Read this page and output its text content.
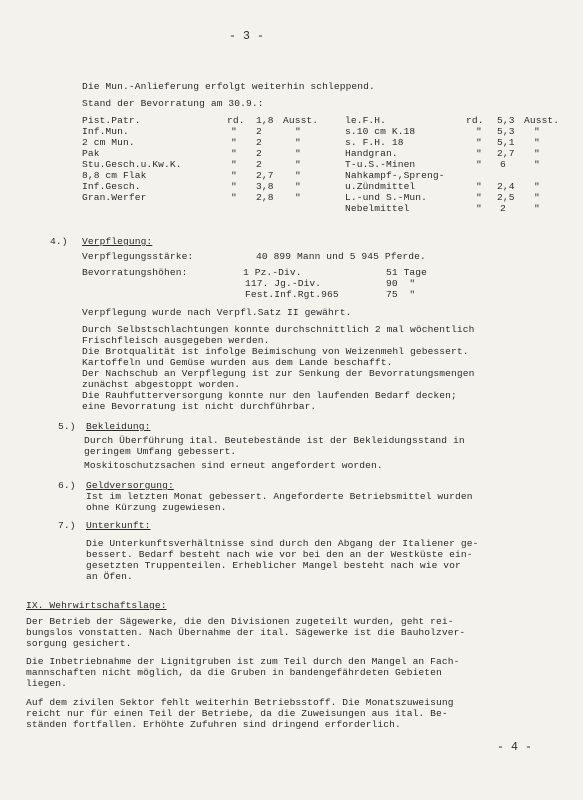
- 3 -
Die Mun.-Anlieferung erfolgt weiterhin schleppend.
Stand der Bevorratung am 30.9.:
Pist.Patr.	rd. 1,8 Ausst.
Inf.Mun.	" 2	"
2 cm Mun.	" 2	"
Pak	" 2	"
Stu.Gesch.u.Kw.K.	" 2	"
8,8 cm Flak	" 2,7 "
Inf.Gesch.	" 3,8 "
Gran.Werfer	" 2,8 "
le.F.H.	rd. 5,3 Ausst.
s.10 cm K.18	" 5,3 "
s. F.H. 18	" 5,1 "
Handgran.	" 2,7 "
T-u.S.-Minen	" 6	"
Nahkampf-,Spreng-
u.Zündmittel	" 2,4 "
L.-und S.-Mun.	" 2,5 "
Nebelmittel	" 2	"
4.) Verpflegung:
Verpflegungsstärke:	40 899 Mann und 5 945 Pferde.
Bevorratungshöhen:	1 Pz.-Div.	51 Tage
117. Jg.-Div.	90  "
Fest.Inf.Rgt.965	75  "
Verpflegung wurde nach Verpfl.Satz II gewährt.
Durch Selbstschlachtungen konnte durchschnittlich 2 mal wöchentlich
Frischfleisch ausgegeben werden.
Die Brotqualität ist infolge Beimischung von Weizenmehl gebessert.
Kartoffeln und Gemüse wurden aus dem Lande beschafft.
Der Nachschub an Verpflegung ist zur Senkung der Bevorratungsmengen
zunächst abgestoppt worden.
Die Rauhfutterversorgung konnte nur den laufenden Bedarf decken;
eine Bevorratung ist nicht durchführbar.
5.) Bekleidung:
Durch Überführung ital. Beutebestände ist der Bekleidungsstand in
geringem Umfang gebessert.
Moskitoschutzsachen sind erneut angefordert worden.
6.) Geldversorgung:
Ist im letzten Monat gebessert. Angeforderte Betriebsmittel wurden
ohne Kürzung zugewiesen.
7.) Unterkunft:
Die Unterkunftsverhältnisse sind durch den Abgang der Italiener ge-
bessert. Bedarf besteht nach wie vor bei den an der Westküste ein-
gesetzten Truppenteilen. Erheblicher Mangel besteht nach wie vor
an Öfen.
IX. Wehrwirtschaftslage:
Der Betrieb der Sägewerke, die den Divisionen zugeteilt wurden, geht rei-
bungslos vonstatten. Nach Übernahme der ital. Sägewerke ist die Bauholzver-
sorgung gesichert.
Die Inbetriebnahme der Lignitgruben ist zum Teil durch den Mangel an Fach-
mannschaften nicht möglich, da die Gruben in bandengefährdeten Gebieten
liegen.
Auf dem zivilen Sektor fehlt weiterhin Betriebsstoff. Die Monatszuweisung
reicht nur für einen Teil der Betriebe, da die Zuweisungen aus ital. Be-
ständen fortfallen. Erhöhte Zufuhren sind dringend erforderlich.
- 4 -
